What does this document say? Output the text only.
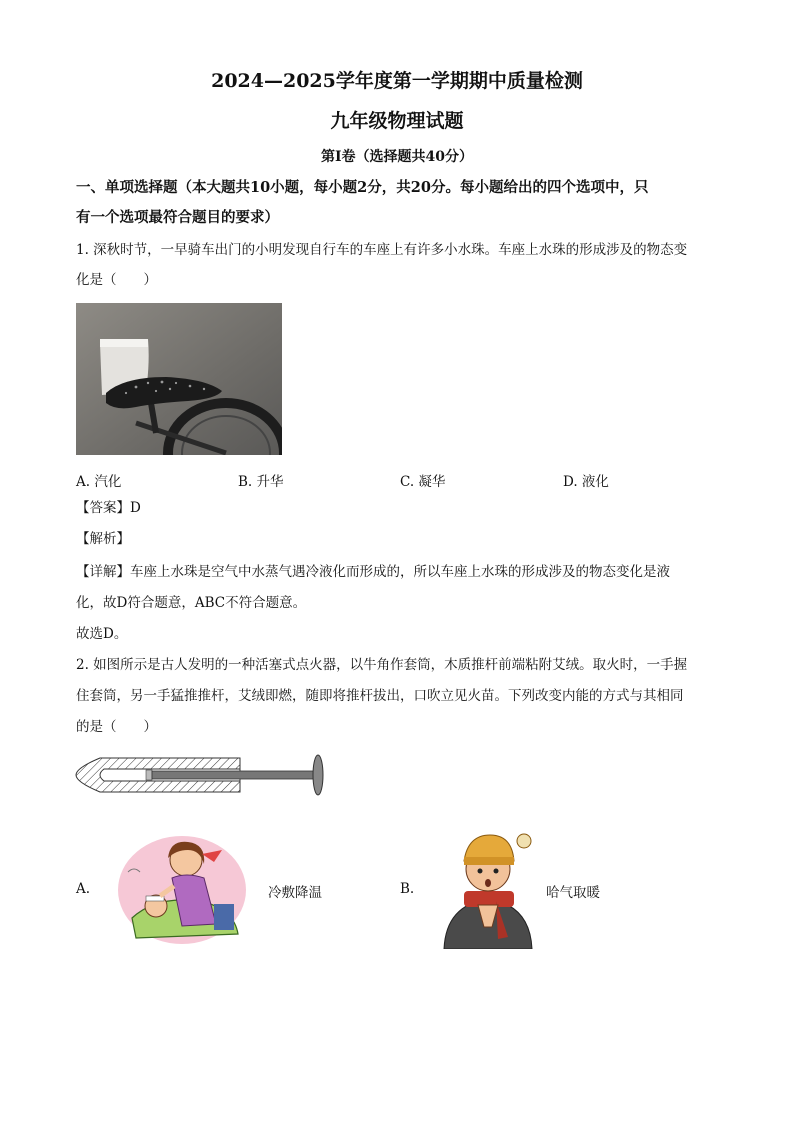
2024—2025学年度第一学期期中质量检测
九年级物理试题
第Ⅰ卷（选择题共40分）
一、单项选择题（本大题共10小题，每小题2分，共20分。每小题给出的四个选项中，只
有一个选项最符合题目的要求）
1. 深秋时节，一早骑车出门的小明发现自行车的车座上有许多小水珠。车座上水珠的形成涉及的物态变
化是（　　）
A. 汽化	B. 升华	C. 凝华	D. 液化
【答案】D
【解析】
【详解】车座上水珠是空气中水蒸气遇冷液化而形成的，所以车座上水珠的形成涉及的物态变化是液
化，故D符合题意，ABC不符合题意。
故选D。
2. 如图所示是古人发明的一种活塞式点火器，以牛角作套筒，木质推杆前端粘附艾绒。取火时，一手握
住套筒，另一手猛推推杆，艾绒即燃，随即将推杆拔出，口吹立见火苗。下列改变内能的方式与其相同
的是（　　）
A.	冷敷降温	B.	哈气取暖
